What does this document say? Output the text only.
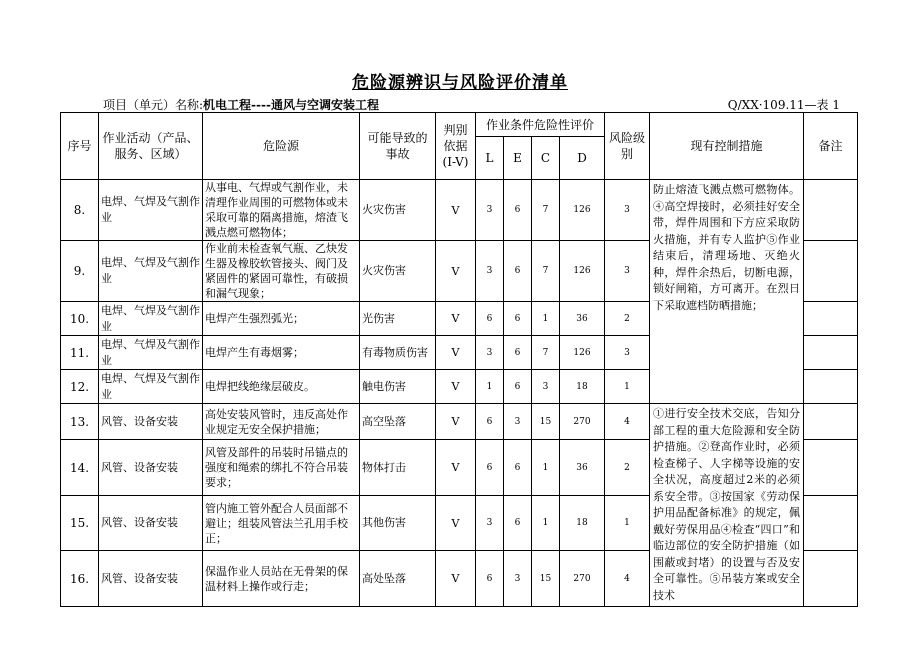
危险源辨识与风险评价清单
项目（单元）名称:机电工程----通风与空调安装工程	Q/XX·109.11—表 1
序号	作业活动（产品、服务、区域）	危险源	可能导致的事故	判别依据(I-V)	作业条件危险性评价				风险级别	现有控制措施	备注
					L	E	C	D			
8.	电焊、气焊及气割作业	从事电、气焊或气割作业，未清理作业周围的可燃物体或未采取可靠的隔离措施，熔渣飞溅点燃可燃物体；	火灾伤害	V	3	6	7	126	3	防止熔渣飞溅点燃可燃物体。④高空焊接时，必须挂好安全带，焊件周围和下方应采取防火措施，并有专人监护⑤作业结束后，清理场地、灭绝火种，焊件余热后，切断电源，锁好闸箱，方可离开。在烈日下采取遮档防晒措施；	
9.	电焊、气焊及气割作业	作业前未检查氧气瓶、乙炔发生器及橡胶软管接头、阀门及紧固件的紧固可靠性，有破损和漏气现象；	火灾伤害	V	3	6	7	126	3		
10.	电焊、气焊及气割作业	电焊产生强烈弧光；	光伤害	V	6	6	1	36	2		
11.	电焊、气焊及气割作业	电焊产生有毒烟雾；	有毒物质伤害	V	3	6	7	126	3		
12.	电焊、气焊及气割作业	电焊把线绝缘层破皮。	触电伤害	V	1	6	3	18	1		
13.	风管、设备安装	高处安装风管时，违反高处作业规定无安全保护措施；	高空坠落	V	6	3	15	270	4	①进行安全技术交底，告知分部工程的重大危险源和安全防护措施。②登高作业时，必须检查梯子、人字梯等设施的安全状况，高度超过2米的必须系安全带。③按国家《劳动保护用品配备标准》的规定，佩戴好劳保用品④检查“四口”和临边部位的安全防护措施（如围蔽或封堵）的设置与否及安全可靠性。⑤吊装方案或安全技术	
14.	风管、设备安装	风管及部件的吊装时吊锚点的强度和绳索的绑扎不符合吊装要求；	物体打击	V	6	6	1	36	2		
15.	风管、设备安装	管内施工管外配合人员面部不避让；组装风管法兰孔用手校正；	其他伤害	V	3	6	1	18	1		
16.	风管、设备安装	保温作业人员站在无骨架的保温材料上操作或行走；	高处坠落	V	6	3	15	270	4		
